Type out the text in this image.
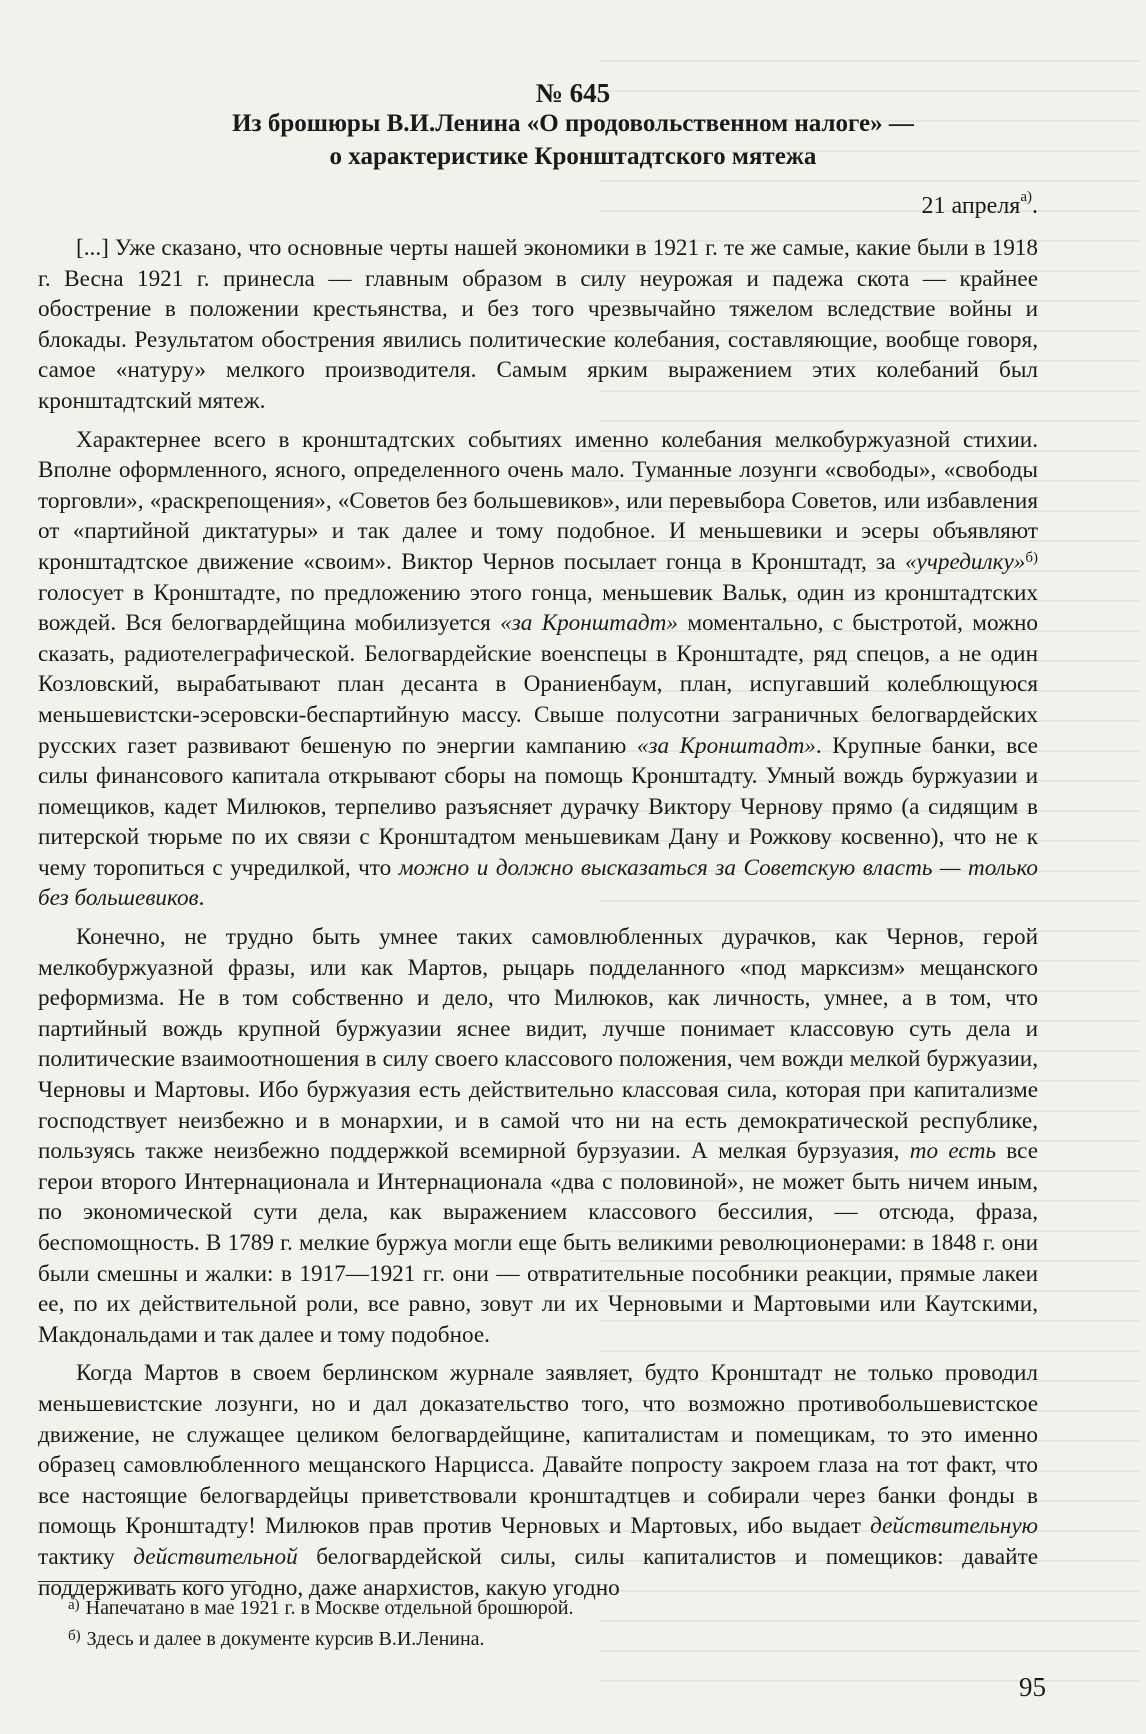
№ 645
Из брошюры В.И.Ленина «О продовольственном налоге» —
о характеристике Кронштадтского мятежа
21 апреля$^{а)}$.

[...] Уже сказано, что основные черты нашей экономики в 1921 г. те же самые, какие были в 1918 г. Весна 1921 г. принесла — главным образом в силу неурожая и падежа скота — крайнее обострение в положении крестьянства, и без того чрезвычайно тяжелом вследствие войны и блокады. Результатом обострения явились политические колебания, составляющие, вообще говоря, самое «натуру» мелкого производителя. Самым ярким выражением этих колебаний был кронштадтский мятеж.

Характернее всего в кронштадтских событиях именно колебания мелкобуржуазной стихии. Вполне оформленного, ясного, определенного очень мало. Туманные лозунги «свободы», «свободы торговли», «раскрепощения», «Советов без большевиков», или перевыбора Советов, или избавления от «партийной диктатуры» и так далее и тому подобное. И меньшевики и эсеры объявляют кронштадтское движение «своим». Виктор Чернов посылает гонца в Кронштадт, за «учредилку»$^{б)}$ голосует в Кронштадте, по предложению этого гонца, меньшевик Вальк, один из кронштадтских вождей. Вся белогвардейщина мобилизуется «за Кронштадт» моментально, с быстротой, можно сказать, радиотелеграфической. Белогвардейские военспецы в Кронштадте, ряд спецов, а не один Козловский, вырабатывают план десанта в Ораниенбаум, план, испугавший колеблющуюся меньшевистски-эсеровски-беспартийную массу. Свыше полусотни заграничных белогвардейских русских газет развивают бешеную по энергии кампанию «за Кронштадт». Крупные банки, все силы финансового капитала открывают сборы на помощь Кронштадту. Умный вождь буржуазии и помещиков, кадет Милюков, терпеливо разъясняет дурачку Виктору Чернову прямо (а сидящим в питерской тюрьме по их связи с Кронштадтом меньшевикам Дану и Рожкову косвенно), что не к чему торопиться с учредилкой, что можно и должно высказаться за Советскую власть — только без большевиков.

Конечно, не трудно быть умнее таких самовлюбленных дурачков, как Чернов, герой мелкобуржуазной фразы, или как Мартов, рыцарь подделанного «под марксизм» мещанского реформизма. Не в том собственно и дело, что Милюков, как личность, умнее, а в том, что партийный вождь крупной буржуазии яснее видит, лучше понимает классовую суть дела и политические взаимоотношения в силу своего классового положения, чем вожди мелкой буржуазии, Черновы и Мартовы. Ибо буржуазия есть действительно классовая сила, которая при капитализме господствует неизбежно и в монархии, и в самой что ни на есть демократической республике, пользуясь также неизбежно поддержкой всемирной бурзуазии. А мелкая бурзуазия, то есть все герои второго Интернационала и Интернационала «два с половиной», не может быть ничем иным, по экономической сути дела, как выражением классового бессилия, — отсюда, фраза, беспомощность. В 1789 г. мелкие буржуа могли еще быть великими революционерами: в 1848 г. они были смешны и жалки: в 1917—1921 гг. они — отвратительные пособники реакции, прямые лакеи ее, по их действительной роли, все равно, зовут ли их Черновыми и Мартовыми или Каутскими, Макдональдами и так далее и тому подобное.

Когда Мартов в своем берлинском журнале заявляет, будто Кронштадт не только проводил меньшевистские лозунги, но и дал доказательство того, что возможно противобольшевистское движение, не служащее целиком белогвардейщине, капиталистам и помещикам, то это именно образец самовлюбленного мещанского Нарцисса. Давайте попросту закроем глаза на тот факт, что все настоящие белогвардейцы приветствовали кронштадтцев и собирали через банки фонды в помощь Кронштадту! Милюков прав против Черновых и Мартовых, ибо выдает действительную тактику действительной белогвардейской силы, силы капиталистов и помещиков: давайте поддерживать кого угодно, даже анархистов, какую угодно

$^{а)}$ Напечатано в мае 1921 г. в Москве отдельной брошюрой.
$^{б)}$ Здесь и далее в документе курсив В.И.Ленина.
95
